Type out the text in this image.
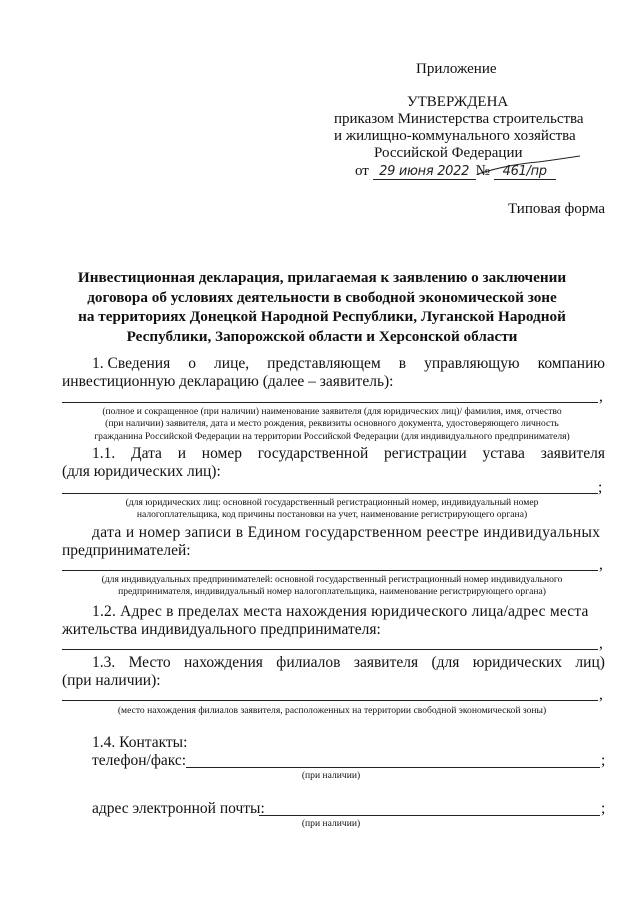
Приложение
УТВЕРЖДЕНА
приказом Министерства строительства
и жилищно-коммунального хозяйства
Российской Федерации
от 29 июня 2022 № 461/пр
Типовая форма
Инвестиционная декларация, прилагаемая к заявлению о заключении
договора об условиях деятельности в свободной экономической зоне
на территориях Донецкой Народной Республики, Луганской Народной
Республики, Запорожской области и Херсонской области
1. Сведения о лице, представляющем в управляющую компанию
инвестиционную декларацию (далее – заявитель):
,
(полное и сокращенное (при наличии) наименование заявителя (для юридических лиц)/ фамилия, имя, отчество
(при наличии) заявителя, дата и место рождения, реквизиты основного документа, удостоверяющего личность
гражданина Российской Федерации на территории Российской Федерации (для индивидуального предпринимателя)
1.1. Дата и номер государственной регистрации устава заявителя
(для юридических лиц):
;
(для юридических лиц: основной государственный регистрационный номер, индивидуальный номер
налогоплательщика, код причины постановки на учет, наименование регистрирующего органа)
дата и номер записи в Едином государственном реестре индивидуальных
предпринимателей:
,
(для индивидуальных предпринимателей: основной государственный регистрационный номер индивидуального
предпринимателя, индивидуальный номер налогоплательщика, наименование регистрирующего органа)
1.2. Адрес в пределах места нахождения юридического лица/адрес места
жительства индивидуального предпринимателя:
,
1.3. Место нахождения филиалов заявителя (для юридических лиц)
(при наличии):
,
(место нахождения филиалов заявителя, расположенных на территории свободной экономической зоны)
1.4. Контакты:
телефон/факс:	;
(при наличии)
адрес электронной почты:	;
(при наличии)
